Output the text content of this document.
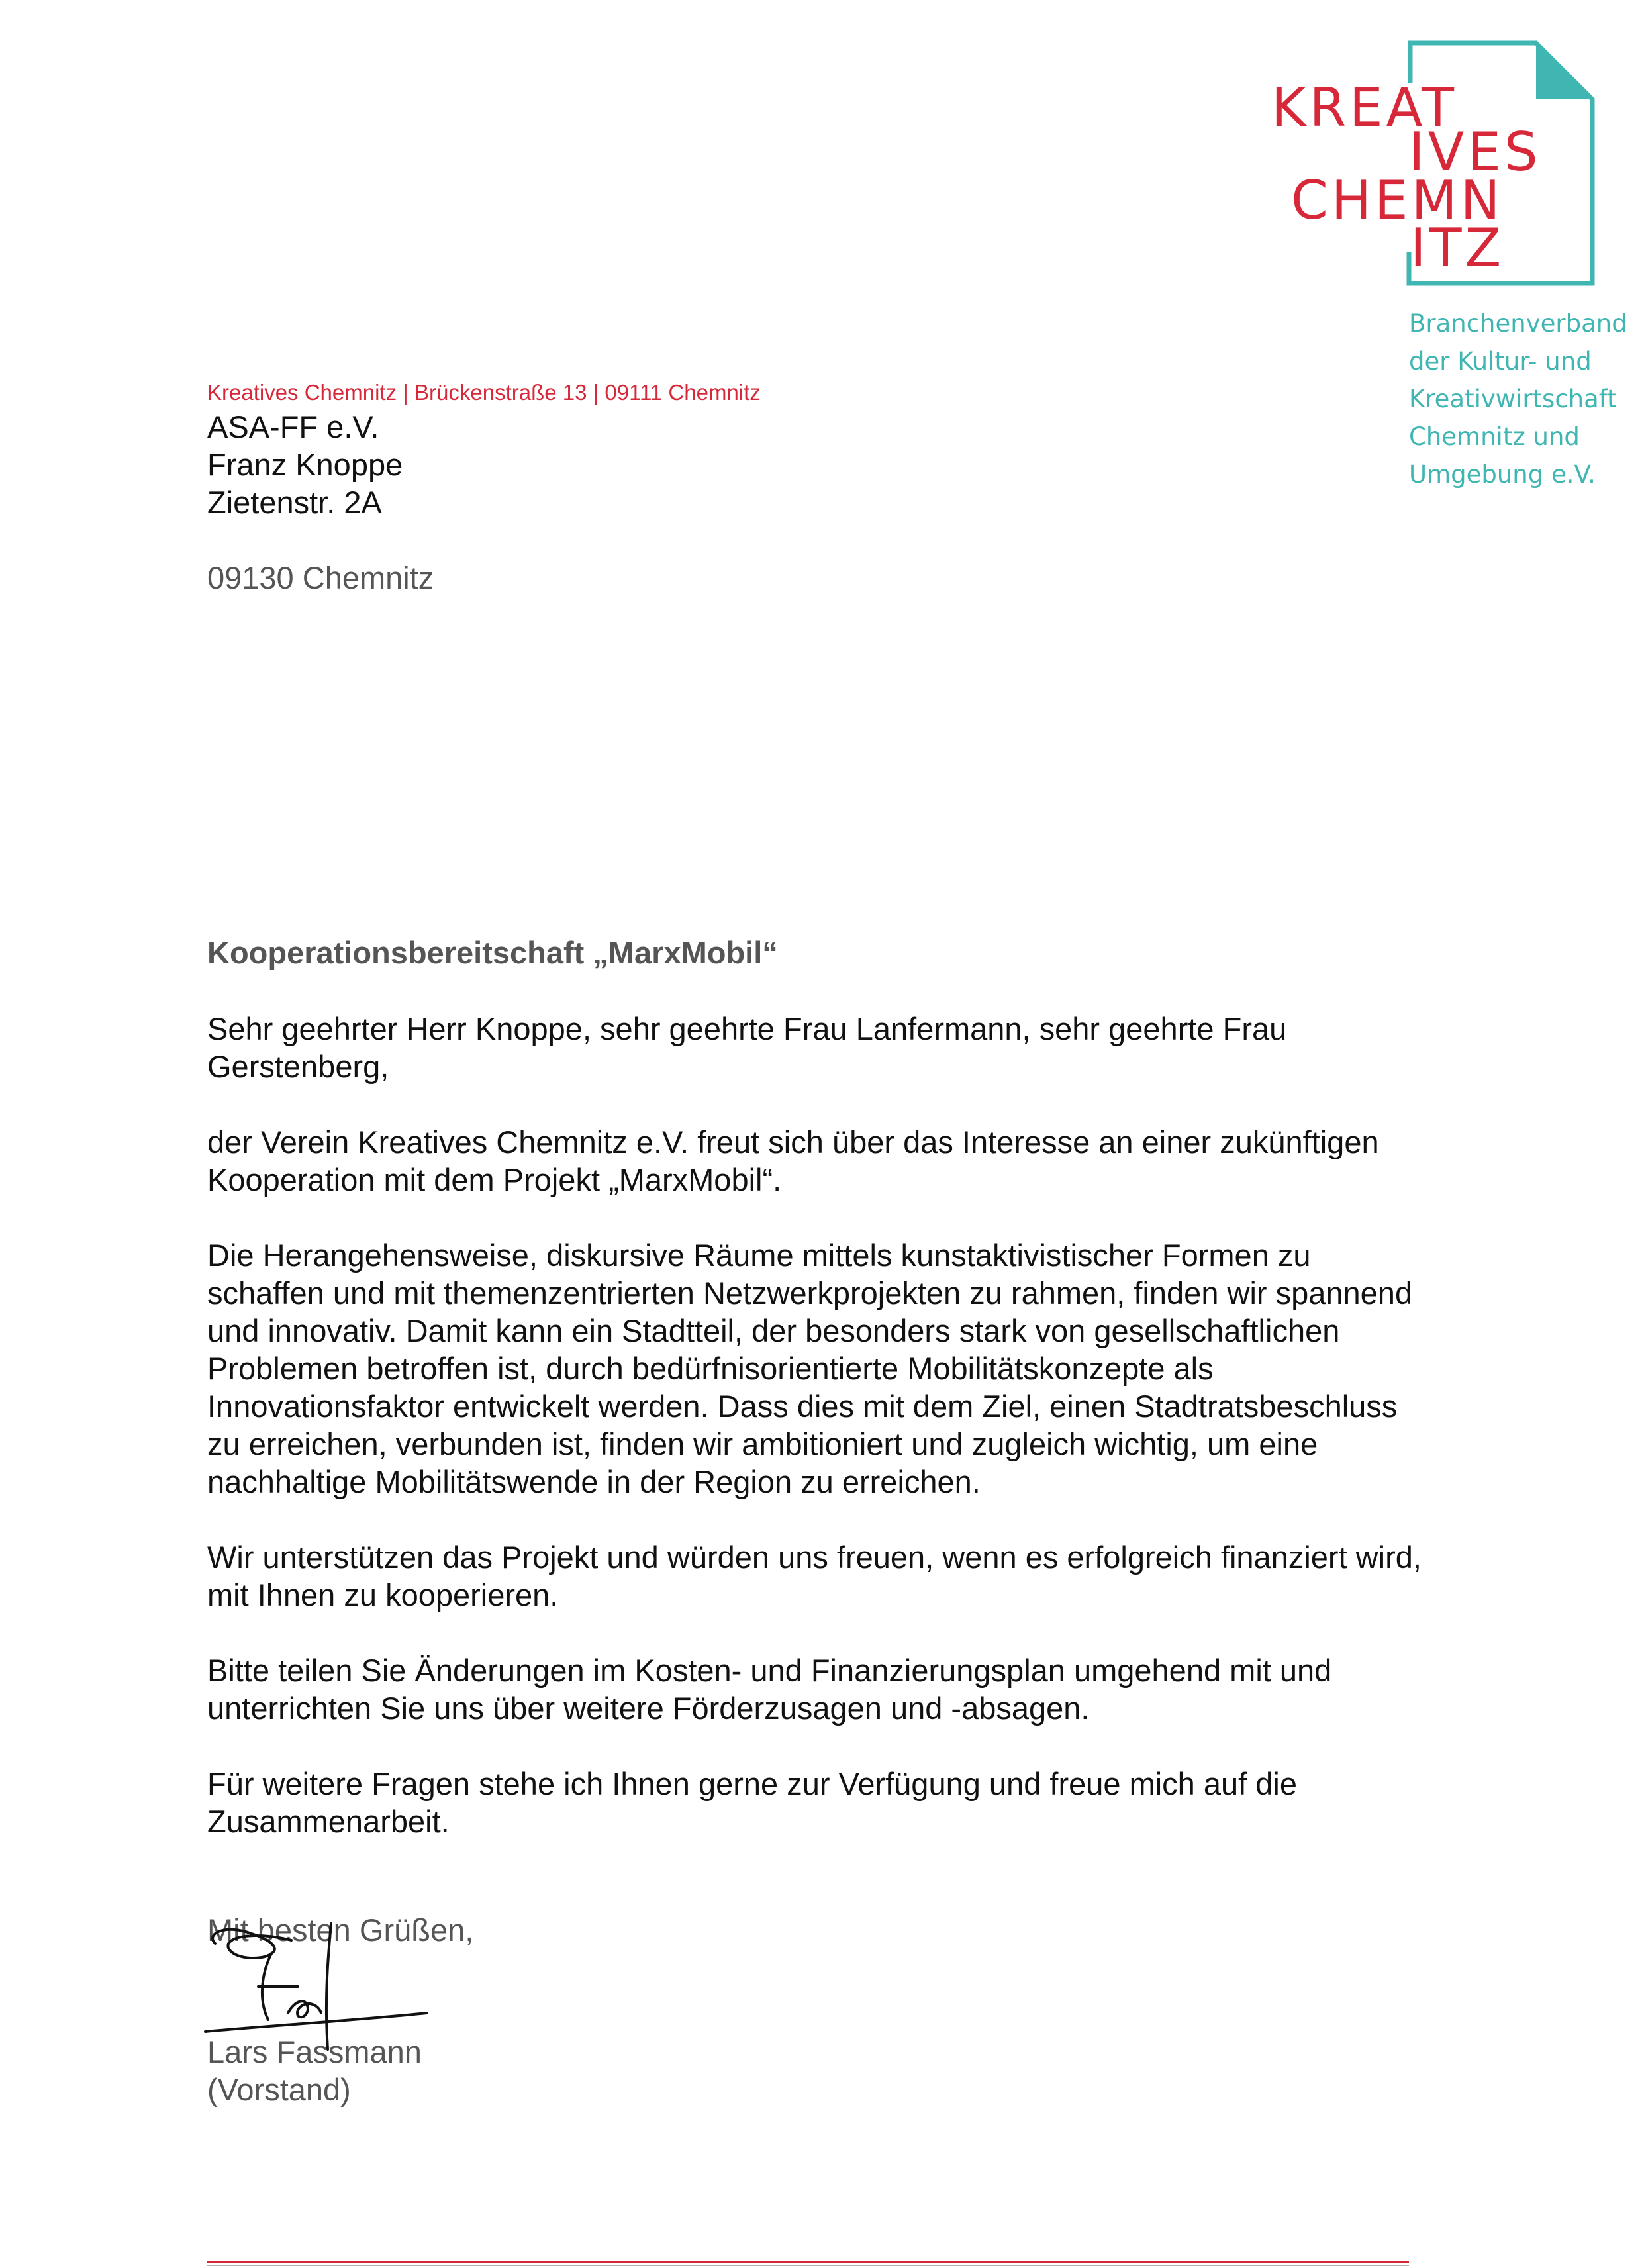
KREAT
IVES
CHEMN
ITZ
Branchenverband
der Kultur- und
Kreativwirtschaft
Chemnitz und
Umgebung e.V.
Kreatives Chemnitz | Brückenstraße 13 | 09111 Chemnitz
ASA-FF e.V.
Franz Knoppe
Zietenstr. 2A
09130 Chemnitz
Kooperationsbereitschaft „MarxMobil“

Sehr geehrter Herr Knoppe, sehr geehrte Frau Lanfermann, sehr geehrte Frau Gerstenberg,

der Verein Kreatives Chemnitz e.V. freut sich über das Interesse an einer zukünftigen Kooperation mit dem Projekt „MarxMobil“.

Die Herangehensweise, diskursive Räume mittels kunstaktivistischer Formen zu schaffen und mit themenzentrierten Netzwerkprojekten zu rahmen, finden wir spannend und innovativ. Damit kann ein Stadtteil, der besonders stark von gesellschaftlichen Problemen betroffen ist, durch bedürfnisorientierte Mobilitätskonzepte als Innovationsfaktor entwickelt werden. Dass dies mit dem Ziel, einen Stadtratsbeschluss zu erreichen, verbunden ist, finden wir ambitioniert und zugleich wichtig, um eine nachhaltige Mobilitätswende in der Region zu erreichen.

Wir unterstützen das Projekt und würden uns freuen, wenn es erfolgreich finanziert wird, mit Ihnen zu kooperieren.

Bitte teilen Sie Änderungen im Kosten- und Finanzierungsplan umgehend mit und unterrichten Sie uns über weitere Förderzusagen und -absagen.

Für weitere Fragen stehe ich Ihnen gerne zur Verfügung und freue mich auf die Zusammenarbeit.

Mit besten Grüßen,
Lars Fassmann
(Vorstand)
